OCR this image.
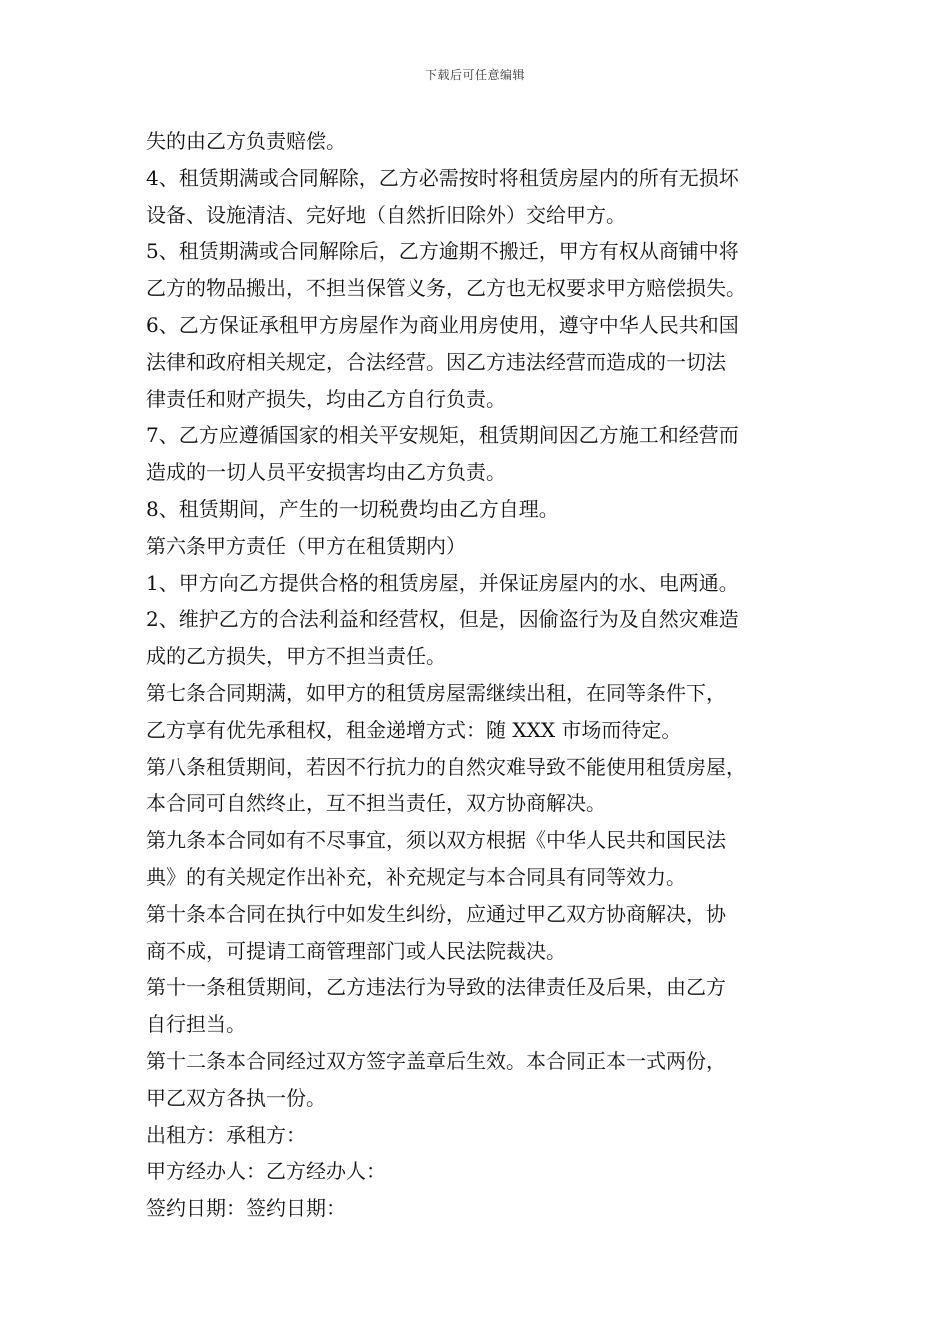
下载后可任意编辑
失的由乙方负责赔偿。
4、租赁期满或合同解除，乙方必需按时将租赁房屋内的所有无损坏
设备、设施清洁、完好地（自然折旧除外）交给甲方。
5、租赁期满或合同解除后，乙方逾期不搬迁，甲方有权从商铺中将
乙方的物品搬出，不担当保管义务，乙方也无权要求甲方赔偿损失。
6、乙方保证承租甲方房屋作为商业用房使用，遵守中华人民共和国
法律和政府相关规定，合法经营。因乙方违法经营而造成的一切法
律责任和财产损失，均由乙方自行负责。
7、乙方应遵循国家的相关平安规矩，租赁期间因乙方施工和经营而
造成的一切人员平安损害均由乙方负责。
8、租赁期间，产生的一切税费均由乙方自理。
第六条甲方责任（甲方在租赁期内）
1、甲方向乙方提供合格的租赁房屋，并保证房屋内的水、电两通。
2、维护乙方的合法利益和经营权，但是，因偷盗行为及自然灾难造
成的乙方损失，甲方不担当责任。
第七条合同期满，如甲方的租赁房屋需继续出租，在同等条件下，
乙方享有优先承租权，租金递增方式：随 XXX 市场而待定。
第八条租赁期间，若因不行抗力的自然灾难导致不能使用租赁房屋，
本合同可自然终止，互不担当责任，双方协商解决。
第九条本合同如有不尽事宜，须以双方根据《中华人民共和国民法
典》的有关规定作出补充，补充规定与本合同具有同等效力。
第十条本合同在执行中如发生纠纷，应通过甲乙双方协商解决，协
商不成，可提请工商管理部门或人民法院裁决。
第十一条租赁期间，乙方违法行为导致的法律责任及后果，由乙方
自行担当。
第十二条本合同经过双方签字盖章后生效。本合同正本一式两份，
甲乙双方各执一份。
出租方：承租方：
甲方经办人：乙方经办人：
签约日期：签约日期：
